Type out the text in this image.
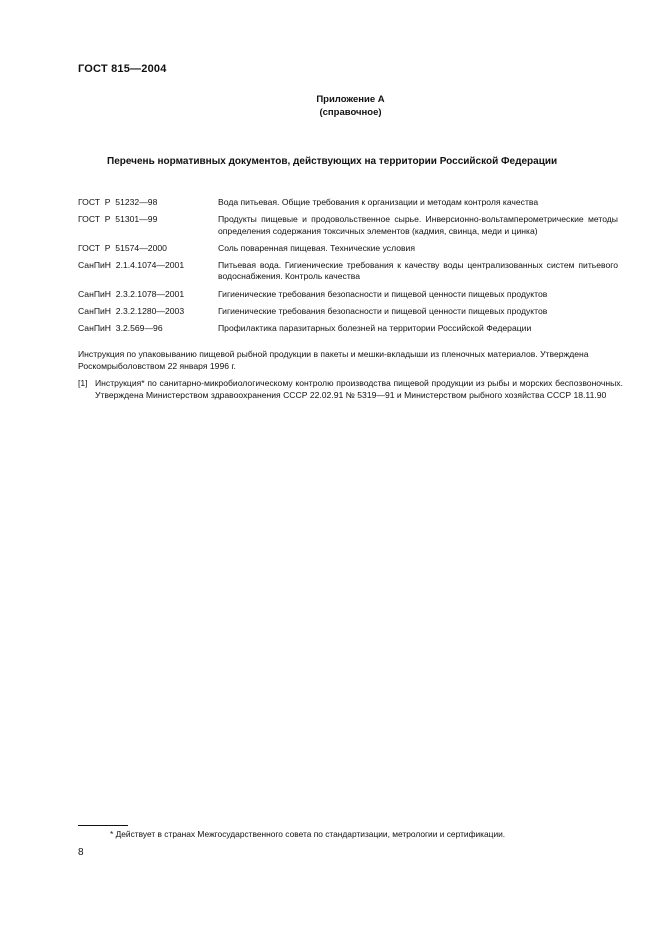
ГОСТ 815—2004
Приложение А
(справочное)
Перечень нормативных документов, действующих на территории Российской Федерации
ГОСТ  Р  51232—98	Вода питьевая. Общие требования к организации и методам контроля качества
ГОСТ  Р  51301—99	Продукты пищевые и продовольственное сырье. Инверсионно-вольтамперометрические методы определения содержания токсичных элементов (кадмия, свинца, меди и цинка)
ГОСТ  Р  51574—2000	Соль поваренная пищевая. Технические условия
СанПиН  2.1.4.1074—2001	Питьевая вода. Гигиенические требования к качеству воды централизованных систем питьевого водоснабжения. Контроль качества
СанПиН  2.3.2.1078—2001	Гигиенические требования безопасности и пищевой ценности пищевых продуктов
СанПиН  2.3.2.1280—2003	Гигиенические требования безопасности и пищевой ценности пищевых продуктов
СанПиН  3.2.569—96	Профилактика паразитарных болезней на территории Российской Федерации
Инструкция по упаковыванию пищевой рыбной продукции в пакеты и мешки-вкладыши из пленочных материалов. Утверждена Роскомрыболовством 22 января 1996 г.
[1] Инструкция* по санитарно-микробиологическому контролю производства пищевой продукции из рыбы и морских беспозвоночных. Утверждена Министерством здравоохранения СССР 22.02.91 № 5319—91 и Министерством рыбного хозяйства СССР 18.11.90
* Действует в странах Межгосударственного совета по стандартизации, метрологии и сертификации.
8
